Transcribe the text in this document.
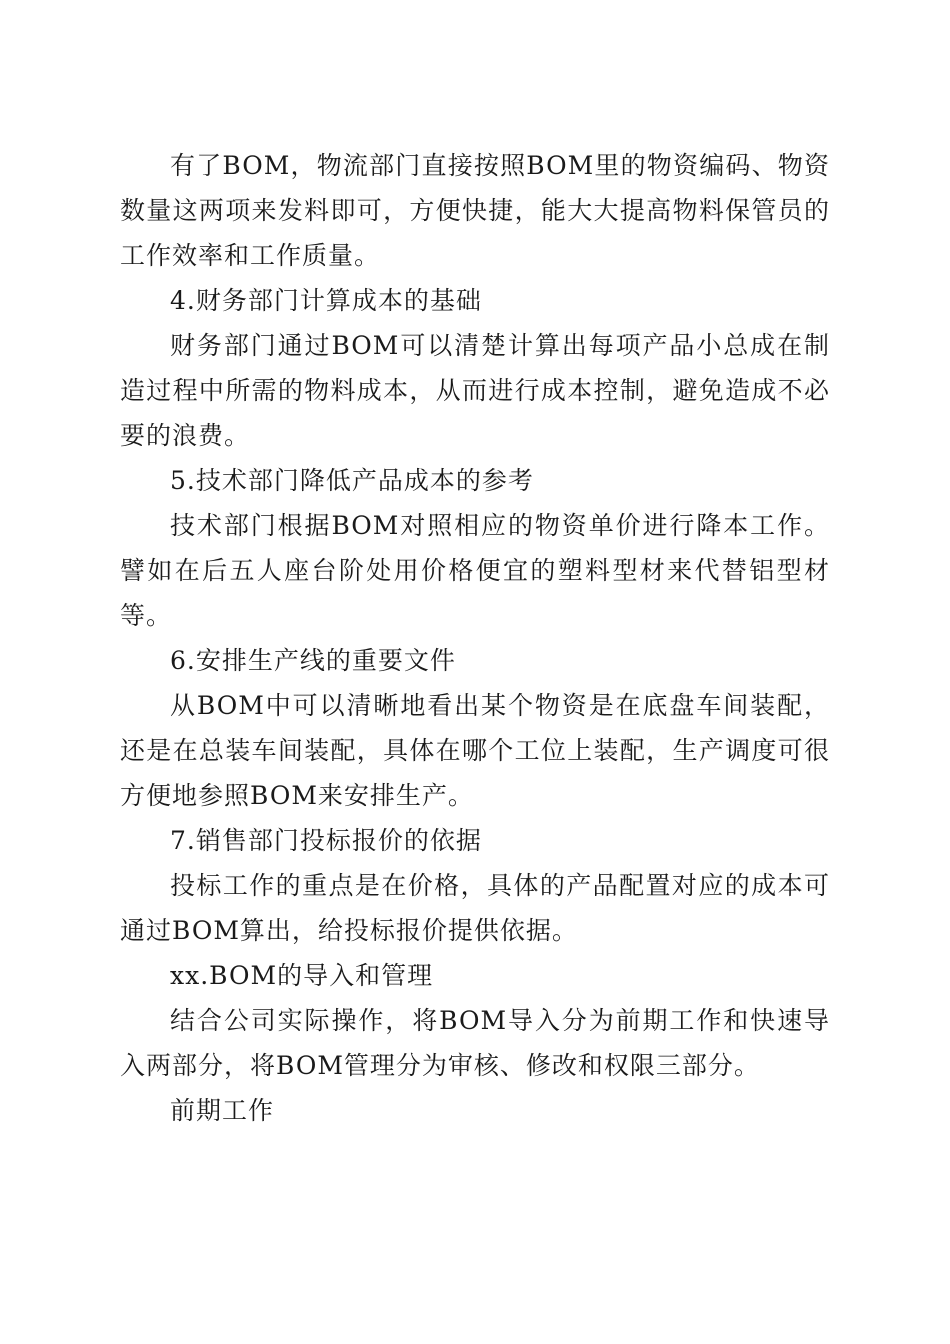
有了BOM，物流部门直接按照BOM里的物资编码、物资数量这两项来发料即可，方便快捷，能大大提高物料保管员的工作效率和工作质量。

4.财务部门计算成本的基础

财务部门通过BOM可以清楚计算出每项产品小总成在制造过程中所需的物料成本，从而进行成本控制，避免造成不必要的浪费。

5.技术部门降低产品成本的参考

技术部门根据BOM对照相应的物资单价进行降本工作。譬如在后五人座台阶处用价格便宜的塑料型材来代替铝型材等。

6.安排生产线的重要文件

从BOM中可以清晰地看出某个物资是在底盘车间装配，还是在总装车间装配，具体在哪个工位上装配，生产调度可很方便地参照BOM来安排生产。

7.销售部门投标报价的依据

投标工作的重点是在价格，具体的产品配置对应的成本可通过BOM算出，给投标报价提供依据。

xx.BOM的导入和管理

结合公司实际操作，将BOM导入分为前期工作和快速导入两部分，将BOM管理分为审核、修改和权限三部分。

前期工作
